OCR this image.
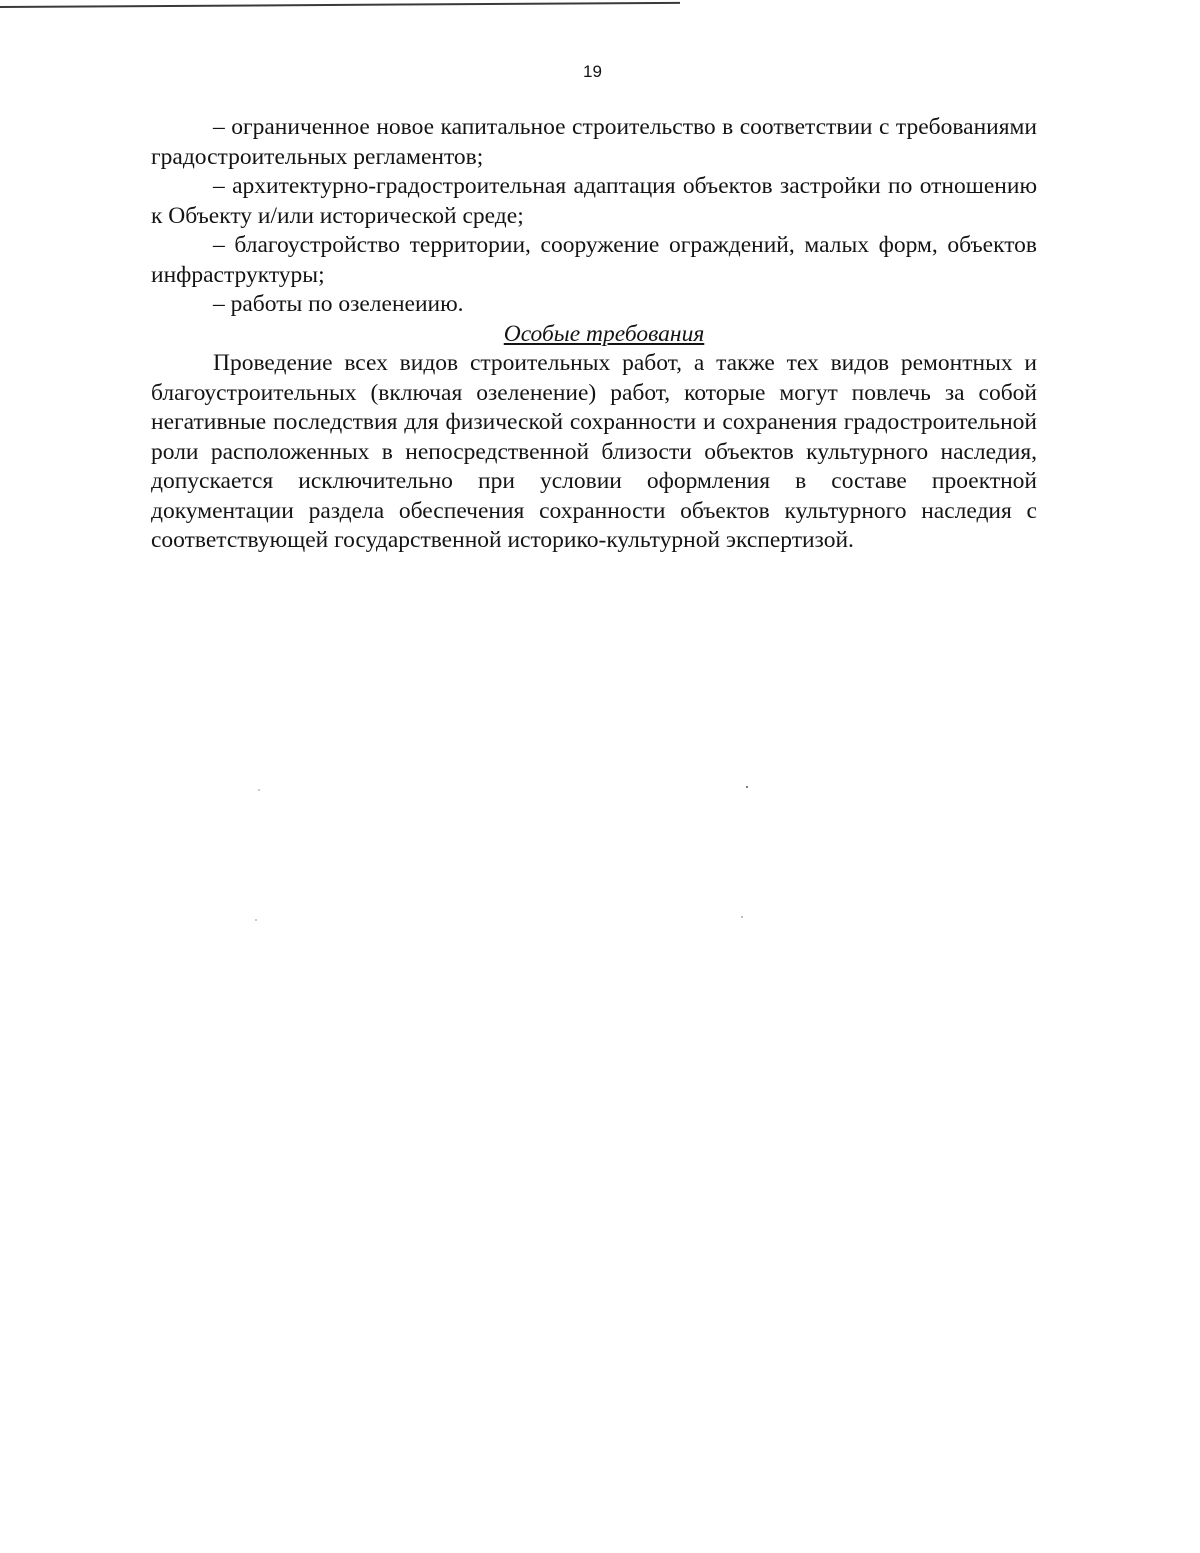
19

– ограниченное новое капитальное строительство в соответствии с требованиями градостроительных регламентов;

– архитектурно-градостроительная адаптация объектов застройки по отношению к Объекту и/или исторической среде;

– благоустройство территории, сооружение ограждений, малых форм, объектов инфраструктуры;

– работы по озеленеиию.

Особые требования

Проведение всех видов строительных работ, а также тех видов ремонтных и благоустроительных (включая озеленение) работ, которые могут повлечь за собой негативные последствия для физической сохранности и сохранения градостроительной роли расположенных в непосредственной близости объектов культурного наследия, допускается исключительно при условии оформления в составе проектной документации раздела обеспечения сохранности объектов культурного наследия с соответствующей государственной историко-культурной экспертизой.
